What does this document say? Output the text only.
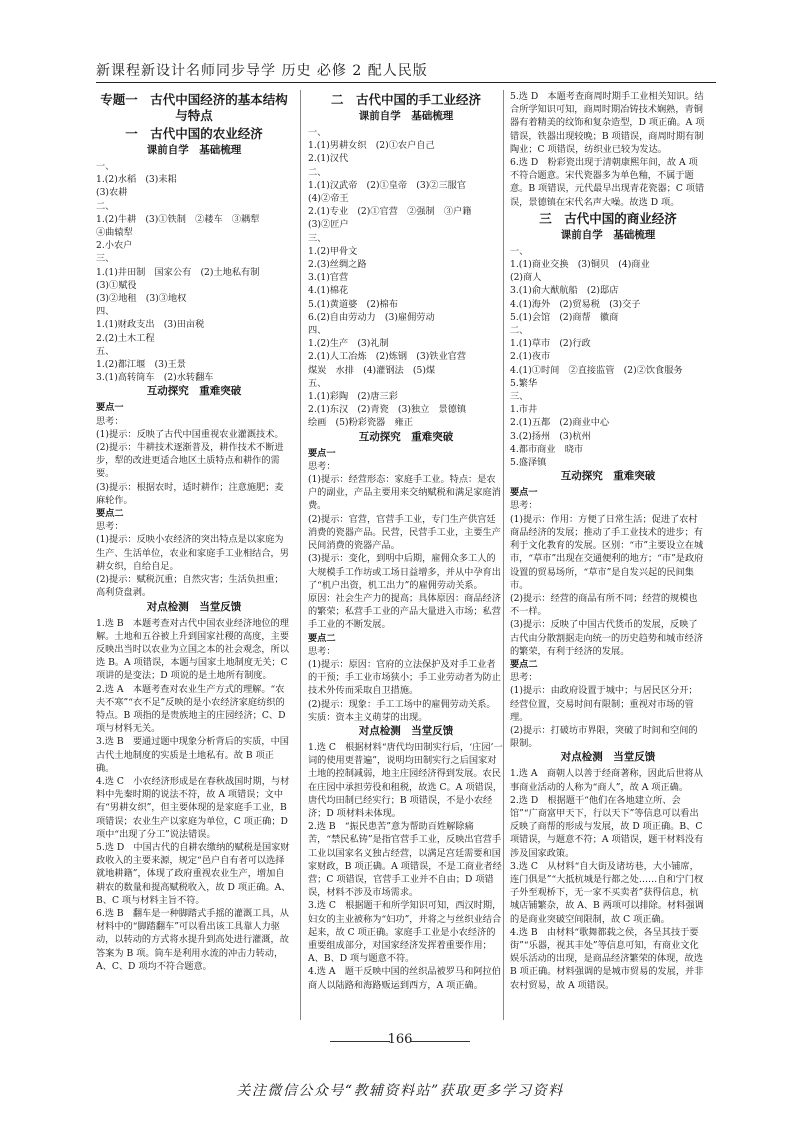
新课程新设计名师同步导学 历史 必修 2 配人民版
专题一　古代中国经济的基本结构与特点
一　古代中国的农业经济
课前自学　基础梳理
一、
1.(2)水稻　(3)耒耜
(3)农耕
二、
1.(2)牛耕　(3)①铁制　②耧车　③耦犁
④曲辕犁
2.小农户
三、
1.(1)井田制　国家公有　(2)土地私有制
(3)①赋役
(3)②地租　(3)③地权
四、
1.(1)财政支出　(3)田亩税
2.(2)土木工程
五、
1.(2)都江堰　(3)王景
3.(1)高转筒车　(2)水转翻车
互动探究　重难突破
要点一
思考：
(1)提示：反映了古代中国重视农业灌溉技术。
(2)提示：牛耕技术逐渐普及，耕作技术不断进步，犁的改进更适合地区土质特点和耕作的需要。
(3)提示：根据农时，适时耕作；注意施肥；麦麻轮作。
要点二
思考：
(1)提示：反映小农经济的突出特点是以家庭为生产、生活单位，农业和家庭手工业相结合，男耕女织，自给自足。
(2)提示：赋税沉重；自然灾害；生活负担重；高利贷盘剥。
对点检测　当堂反馈
1.选 B　本题考查对古代中国农业经济地位的理解。土地和五谷被上升到国家社稷的高度，主要反映出当时以农业为立国之本的社会观念，所以选 B。A 项错误，本题与国家土地制度无关；C 项讲的是变法；D 项说的是土地所有制度。
2.选 A　本题考查对农业生产方式的理解。“农夫不寒”“衣不足”反映的是小农经济家庭纺织的特点。B 项指的是贵族地主的庄园经济；C、D 项与材料无关。
3.选 B　要通过题中现象分析背后的实质，中国古代土地制度的实质是土地私有。故 B 项正确。
4.选 C　小农经济形成是在春秋战国时期，与材料中先秦时期的说法不符，故 A 项错误；文中有“男耕女织”，但主要体现的是家庭手工业，B 项错误；农业生产以家庭为单位，C 项正确；D 项中“出现了分工”说法错误。
5.选 D　中国古代的自耕农缴纳的赋税是国家财政收入的主要来源，规定“邑户自有者可以选择就地耕籍”，体现了政府重视农业生产，增加自耕农的数量和提高赋税收入，故 D 项正确。A、B、C 项与材料主旨不符。
6.选 B　翻车是一种脚踏式手摇的灌溉工具，从材料中的“脚踏翻车”可以看出该工具靠人力驱动，以转动的方式将水提升到高处进行灌溉，故答案为 B 项。筒车是利用水流的冲击力转动，A、C、D 项均不符合题意。
二　古代中国的手工业经济
课前自学　基础梳理
一、
1.(1)男耕女织　(2)①农户自己
2.(1)汉代
二、
1.(1)汉武帝　(2)①皇帝　(3)②三服官
(4)②帝王
2.(1)专业　(2)①官营　②强制　③户籍
(3)②匠户
三、
1.(2)甲骨文
2.(3)丝绸之路
3.(1)官营
4.(1)棉花
5.(1)黄道婆　(2)棉布
6.(2)自由劳动力　(3)雇佣劳动
四、
1.(2)生产　(3)礼制
2.(1)人工冶炼　(2)炼钢　(3)铁业官营
煤炭　水排　(4)灌钢法　(5)煤
五、
1.(1)彩陶　(2)唐三彩
2.(1)东汉　(2)青瓷　(3)独立　景德镇
绘画　(5)粉彩瓷器　雍正
互动探究　重难突破
要点一
思考：
(1)提示：经营形态：家庭手工业。特点：是农户的副业，产品主要用来交纳赋税和满足家庭消费。
(2)提示：官营，官营手工业，专门生产供宫廷消费的瓷器产品。民营，民营手工业，主要生产民间消费的瓷器产品。
(3)提示：变化，到明中后期，雇佣众多工人的大规模手工作坊或工场日益增多，并从中孕育出了“机户出资，机工出力”的雇佣劳动关系。
原因：社会生产力的提高；具体原因：商品经济的繁荣；私营手工业的产品大量进入市场；私营手工业的不断发展。
要点二
思考：
(1)提示：原因：官府的立法保护及对手工业者的干预；手工业市场狭小；手工业劳动者为防止技术外传而采取自卫措施。
(2)提示：现象：手工工场中的雇佣劳动关系。实质：资本主义萌芽的出现。
对点检测　当堂反馈
1.选 C　根据材料“唐代均田制实行后，‘庄园’一词的使用更普遍”，说明均田制实行之后国家对土地的控制减弱，地主庄园经济得到发展。农民在庄园中承担劳役和租税，故选 C。A 项错误，唐代均田制已经实行；B 项错误，不是小农经济；D 项材料未体现。
2.选 B　“振民患苦”意为帮助百姓解除痛苦，“禁民私铸”是指官营手工业，反映出官营手工业以国家名义独占经营，以满足宫廷需要和国家财政，B 项正确。A 项错误，不是工商业者经营；C 项错误，官营手工业并不自由；D 项错误，材料不涉及市场需求。
3.选 C　根据题干和所学知识可知，西汉时期，妇女的主业被称为“妇功”，并将之与丝织业结合起来，故 C 项正确。家庭手工业是小农经济的重要组成部分，对国家经济发挥着重要作用；A、B、D 项与题意不符。
4.选 A　题干反映中国的丝织品被罗马和阿拉伯商人以陆路和海路贩运到西方，A 项正确。
5.选 D　本题考查商周时期手工业相关知识。结合所学知识可知，商周时期冶铸技术娴熟，青铜器有着精美的纹饰和复杂造型，D 项正确。A 项错误，铁器出现较晚；B 项错误，商周时期有制陶业；C 项错误，纺织业已较为发达。
6.选 D　粉彩瓷出现于清朝康熙年间，故 A 项不符合题意。宋代瓷器多为单色釉，不属于题意。B 项错误，元代最早出现青花瓷器；C 项错误，景德镇在宋代名声大噪。故选 D 项。
三　古代中国的商业经济
课前自学　基础梳理
一、
1.(1)商业交换　(3)铜贝　(4)商业
(2)商人
3.(1)俞大猷航船　(2)邸店
4.(1)海外　(2)贸易税　(3)交子
5.(1)会馆　(2)商帮　徽商
二、
1.(1)草市　(2)行政
2.(1)夜市
4.(1)①时间　②直接监管　(2)②饮食服务
5.繁华
三、
1.市井
2.(1)五都　(2)商业中心
3.(2)扬州　(3)杭州
4.都市商业　晓市
5.盛泽镇
互动探究　重难突破
要点一
思考：
(1)提示：作用：方便了日常生活；促进了农村商品经济的发展；推动了手工业技术的进步；有利于文化教育的发展。区别：“市”主要设立在城市，“草市”出现在交通便利的地方；“市”是政府设置的贸易场所，“草市”是自发兴起的民间集市。
(2)提示：经营的商品有所不同；经营的规模也不一样。
(3)提示：反映了中国古代货币的发展，反映了古代由分散割据走向统一的历史趋势和城市经济的繁荣，有利于经济的发展。
要点二
思考：
(1)提示：由政府设置于城中；与居民区分开；经营位置，交易时间有限制；重视对市场的管理。
(2)提示：打破坊市界限，突破了时间和空间的限制。
对点检测　当堂反馈
1.选 A　商朝人以善于经商著称，因此后世将从事商业活动的人称为“商人”，故 A 项正确。
2.选 D　根据题干“他们在各地建立所、会馆”“广商富甲天下，行以天下”等信息可以看出反映了商帮的形成与发展，故 D 项正确。B、C 项错误，与题意不符；A 项错误，题干材料没有涉及国家政策。
3.选 C　从材料“自大街及诸坊巷，大小铺席，连门俱是”“大抵杭城是行都之处……自和宁门杈子外至观桥下，无一家不买卖者”获得信息，杭城店铺繁杂，故 A、B 两项可以排除。材料强调的是商业突破空间限制，故 C 项正确。
4.选 B　由材料“歌舞都载之侯，各呈其技于要街”“乐器，视其丰处”等信息可知，有商业文化娱乐活动的出现，是商品经济繁荣的体现，故选 B 项正确。材料强调的是城市贸易的发展，并非农村贸易，故 A 项错误。
166
关注微信公众号“教辅资料站”获取更多学习资料
